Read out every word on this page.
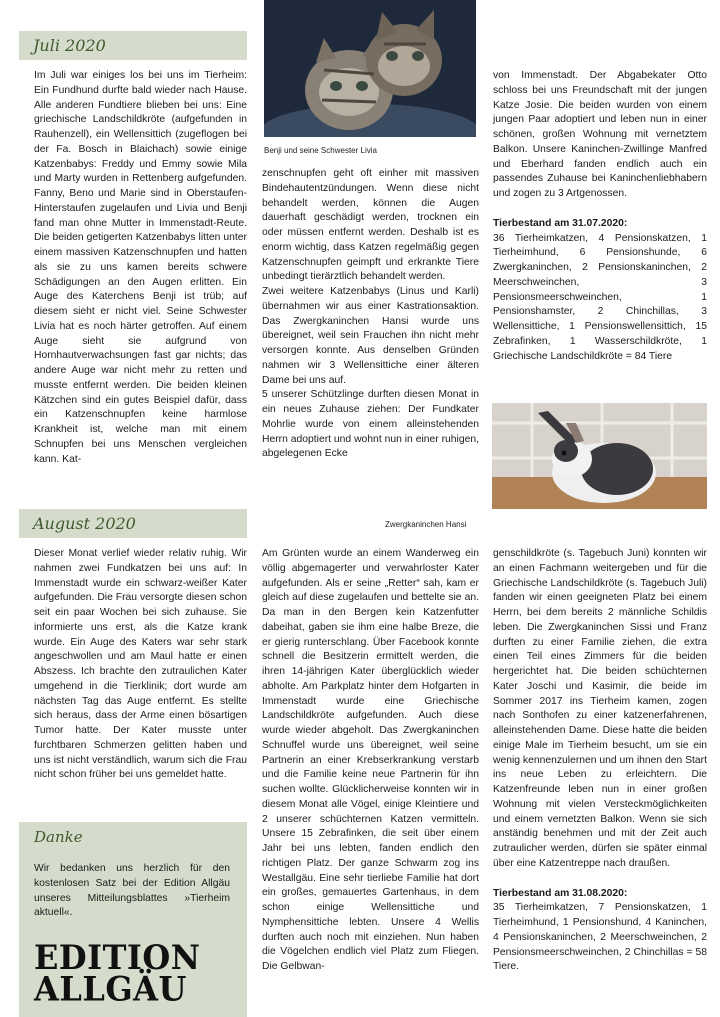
Juli 2020
Im Juli war einiges los bei uns im Tierheim: Ein Fundhund durfte bald wieder nach Hause. Alle anderen Fundtiere blieben bei uns: Eine griechische Landschildkröte (aufgefunden in Rauhenzell), ein Wellensittich (zugeflogen bei der Fa. Bosch in Blaichach) sowie einige Katzenbabys: Freddy und Emmy sowie Mila und Marty wurden in Rettenberg aufgefunden. Fanny, Beno und Marie sind in Oberstaufen-Hinterstaufen zugelaufen und Livia und Benji fand man ohne Mutter in Immenstadt-Reute. Die beiden getigerten Katzenbabys litten unter einem massiven Katzenschnupfen und hatten als sie zu uns kamen bereits schwere Schädigungen an den Augen erlitten. Ein Auge des Katerchens Benji ist trüb; auf diesem sieht er nicht viel. Seine Schwester Livia hat es noch härter getroffen. Auf einem Auge sieht sie aufgrund von Hornhautverwachsungen fast gar nichts; das andere Auge war nicht mehr zu retten und musste entfernt werden. Die beiden kleinen Kätzchen sind ein gutes Beispiel dafür, dass ein Katzenschnupfen keine harmlose Krankheit ist, welche man mit einem Schnupfen bei uns Menschen vergleichen kann. Kat-
Benji und seine Schwester Livia

zenschnupfen geht oft einher mit massiven Bindehautentzündungen. Wenn diese nicht behandelt werden, können die Augen dauerhaft geschädigt werden, trocknen ein oder müssen entfernt werden. Deshalb ist es enorm wichtig, dass Katzen regelmäßig gegen Katzenschnupfen geimpft und erkrankte Tiere unbedingt tierärztlich behandelt werden.

Zwei weitere Katzenbabys (Linus und Karli) übernahmen wir aus einer Kastrationsaktion. Das Zwergkaninchen Hansi wurde uns übereignet, weil sein Frauchen ihn nicht mehr versorgen konnte. Aus denselben Gründen nahmen wir 3 Wellensittiche einer älteren Dame bei uns auf.

5 unserer Schützlinge durften diesen Monat in ein neues Zuhause ziehen: Der Fundkater Mohrlie wurde von einem alleinstehenden Herrn adoptiert und wohnt nun in einer ruhigen, abgelegenen Ecke

von Immenstadt. Der Abgabekater Otto schloss bei uns Freundschaft mit der jungen Katze Josie. Die beiden wurden von einem jungen Paar adoptiert und leben nun in einer schönen, großen Wohnung mit vernetztem Balkon. Unsere Kaninchen-Zwillinge Manfred und Eberhard fanden endlich auch ein passendes Zuhause bei Kaninchenliebhabern und zogen zu 3 Artgenossen.

Tierbestand am 31.07.2020:

36 Tierheimkatzen, 4 Pensionskatzen, 1 Tierheimhund, 6 Pensionshunde, 6 Zwergkaninchen, 2 Pensionskaninchen, 2 Meerschweinchen, 3 Pensionsmeerschweinchen, 1 Pensionshamster, 2 Chinchillas, 3 Wellensittiche, 1 Pensionswellensittich, 15 Zebrafinken, 1 Wasserschildkröte, 1 Griechische Landschildkröte = 84 Tiere

Zwergkaninchen Hansi
August 2020
Dieser Monat verlief wieder relativ ruhig. Wir nahmen zwei Fundkatzen bei uns auf: In Immenstadt wurde ein schwarz-weißer Kater aufgefunden. Die Frau versorgte diesen schon seit ein paar Wochen bei sich zuhause. Sie informierte uns erst, als die Katze krank wurde. Ein Auge des Katers war sehr stark angeschwollen und am Maul hatte er einen Abszess. Ich brachte den zutraulichen Kater umgehend in die Tierklinik; dort wurde am nächsten Tag das Auge entfernt. Es stellte sich heraus, dass der Arme einen bösartigen Tumor hatte. Der Kater musste unter furchtbaren Schmerzen gelitten haben und uns ist nicht verständlich, warum sich die Frau nicht schon früher bei uns gemeldet hatte.
Am Grünten wurde an einem Wanderweg ein völlig abgemagerter und verwahrloster Kater aufgefunden. Als er seine „Retter“ sah, kam er gleich auf diese zugelaufen und bettelte sie an. Da man in den Bergen kein Katzenfutter dabeihat, gaben sie ihm eine halbe Breze, die er gierig runterschlang. Über Facebook konnte schnell die Besitzerin ermittelt werden, die ihren 14-jährigen Kater überglücklich wieder abholte. Am Parkplatz hinter dem Hofgarten in Immenstadt wurde eine Griechische Landschildkröte aufgefunden. Auch diese wurde wieder abgeholt. Das Zwergkaninchen Schnuffel wurde uns übereignet, weil seine Partnerin an einer Krebserkrankung verstarb und die Familie keine neue Partnerin für ihn suchen wollte. Glücklicherweise konnten wir in diesem Monat alle Vögel, einige Kleintiere und 2 unserer schüchternen Katzen vermitteln. Unsere 15 Zebrafinken, die seit über einem Jahr bei uns lebten, fanden endlich den richtigen Platz. Der ganze Schwarm zog ins Westallgäu. Eine sehr tierliebe Familie hat dort ein großes, gemauertes Gartenhaus, in dem schon einige Wellensittiche und Nymphensittiche lebten. Unsere 4 Wellis durften auch noch mit einziehen. Nun haben die Vögelchen endlich viel Platz zum Fliegen. Die Gelbwan-

genschildkröte (s. Tagebuch Juni) konnten wir an einen Fachmann weitergeben und für die Griechische Landschildkröte (s. Tagebuch Juli) fanden wir einen geeigneten Platz bei einem Herrn, bei dem bereits 2 männliche Schildis leben. Die Zwergkaninchen Sissi und Franz durften zu einer Familie ziehen, die extra einen Teil eines Zimmers für die beiden hergerichtet hat. Die beiden schüchternen Kater Joschi und Kasimir, die beide im Sommer 2017 ins Tierheim kamen, zogen nach Sonthofen zu einer katzenerfahrenen, alleinstehenden Dame. Diese hatte die beiden einige Male im Tierheim besucht, um sie ein wenig kennenzulernen und um ihnen den Start ins neue Leben zu erleichtern. Die Katzenfreunde leben nun in einer großen Wohnung mit vielen Versteckmöglichkeiten und einem vernetzten Balkon. Wenn sie sich anständig benehmen und mit der Zeit auch zutraulicher werden, dürfen sie später einmal über eine Katzentreppe nach draußen.

Tierbestand am 31.08.2020:

35 Tierheimkatzen, 7 Pensionskatzen, 1 Tierheimhund, 1 Pensionshund, 4 Kaninchen, 4 Pensionskaninchen, 2 Meerschweinchen, 2 Pensionsmeerschweinchen, 2 Chinchillas = 58 Tiere.

Danke
Wir bedanken uns herzlich für den kostenlosen Satz bei der Edition Allgäu unseres Mitteilungsblattes »Tierheim aktuell«.
EDITION
ALLGÄU
